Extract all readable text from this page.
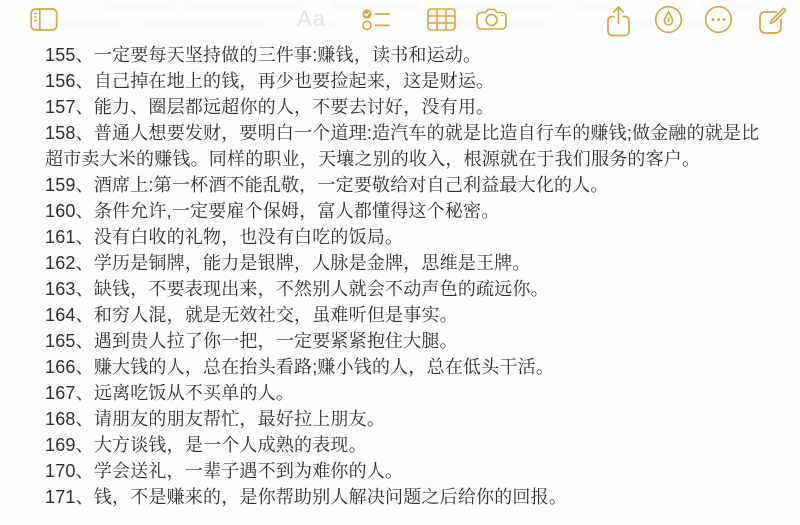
Aa
155、一定要每天坚持做的三件事:赚钱，读书和运动。
156、自己掉在地上的钱，再少也要捡起来，这是财运。
157、能力、圈层都远超你的人，不要去讨好，没有用。
158、普通人想要发财，要明白一个道理:造汽车的就是比造自行车的赚钱;做金融的就是比超市卖大米的赚钱。同样的职业，天壤之别的收入，根源就在于我们服务的客户。
159、酒席上:第一杯酒不能乱敬，一定要敬给对自己利益最大化的人。
160、条件允许,一定要雇个保姆，富人都懂得这个秘密。
161、没有白收的礼物，也没有白吃的饭局。
162、学历是铜牌，能力是银牌，人脉是金牌，思维是王牌。
163、缺钱，不要表现出来，不然别人就会不动声色的疏远你。
164、和穷人混，就是无效社交，虽难听但是事实。
165、遇到贵人拉了你一把，一定要紧紧抱住大腿。
166、赚大钱的人，总在抬头看路;赚小钱的人，总在低头干活。
167、远离吃饭从不买单的人。
168、请朋友的朋友帮忙，最好拉上朋友。
169、大方谈钱，是一个人成熟的表现。
170、学会送礼，一辈子遇不到为难你的人。
171、钱，不是赚来的，是你帮助别人解决问题之后给你的回报。
